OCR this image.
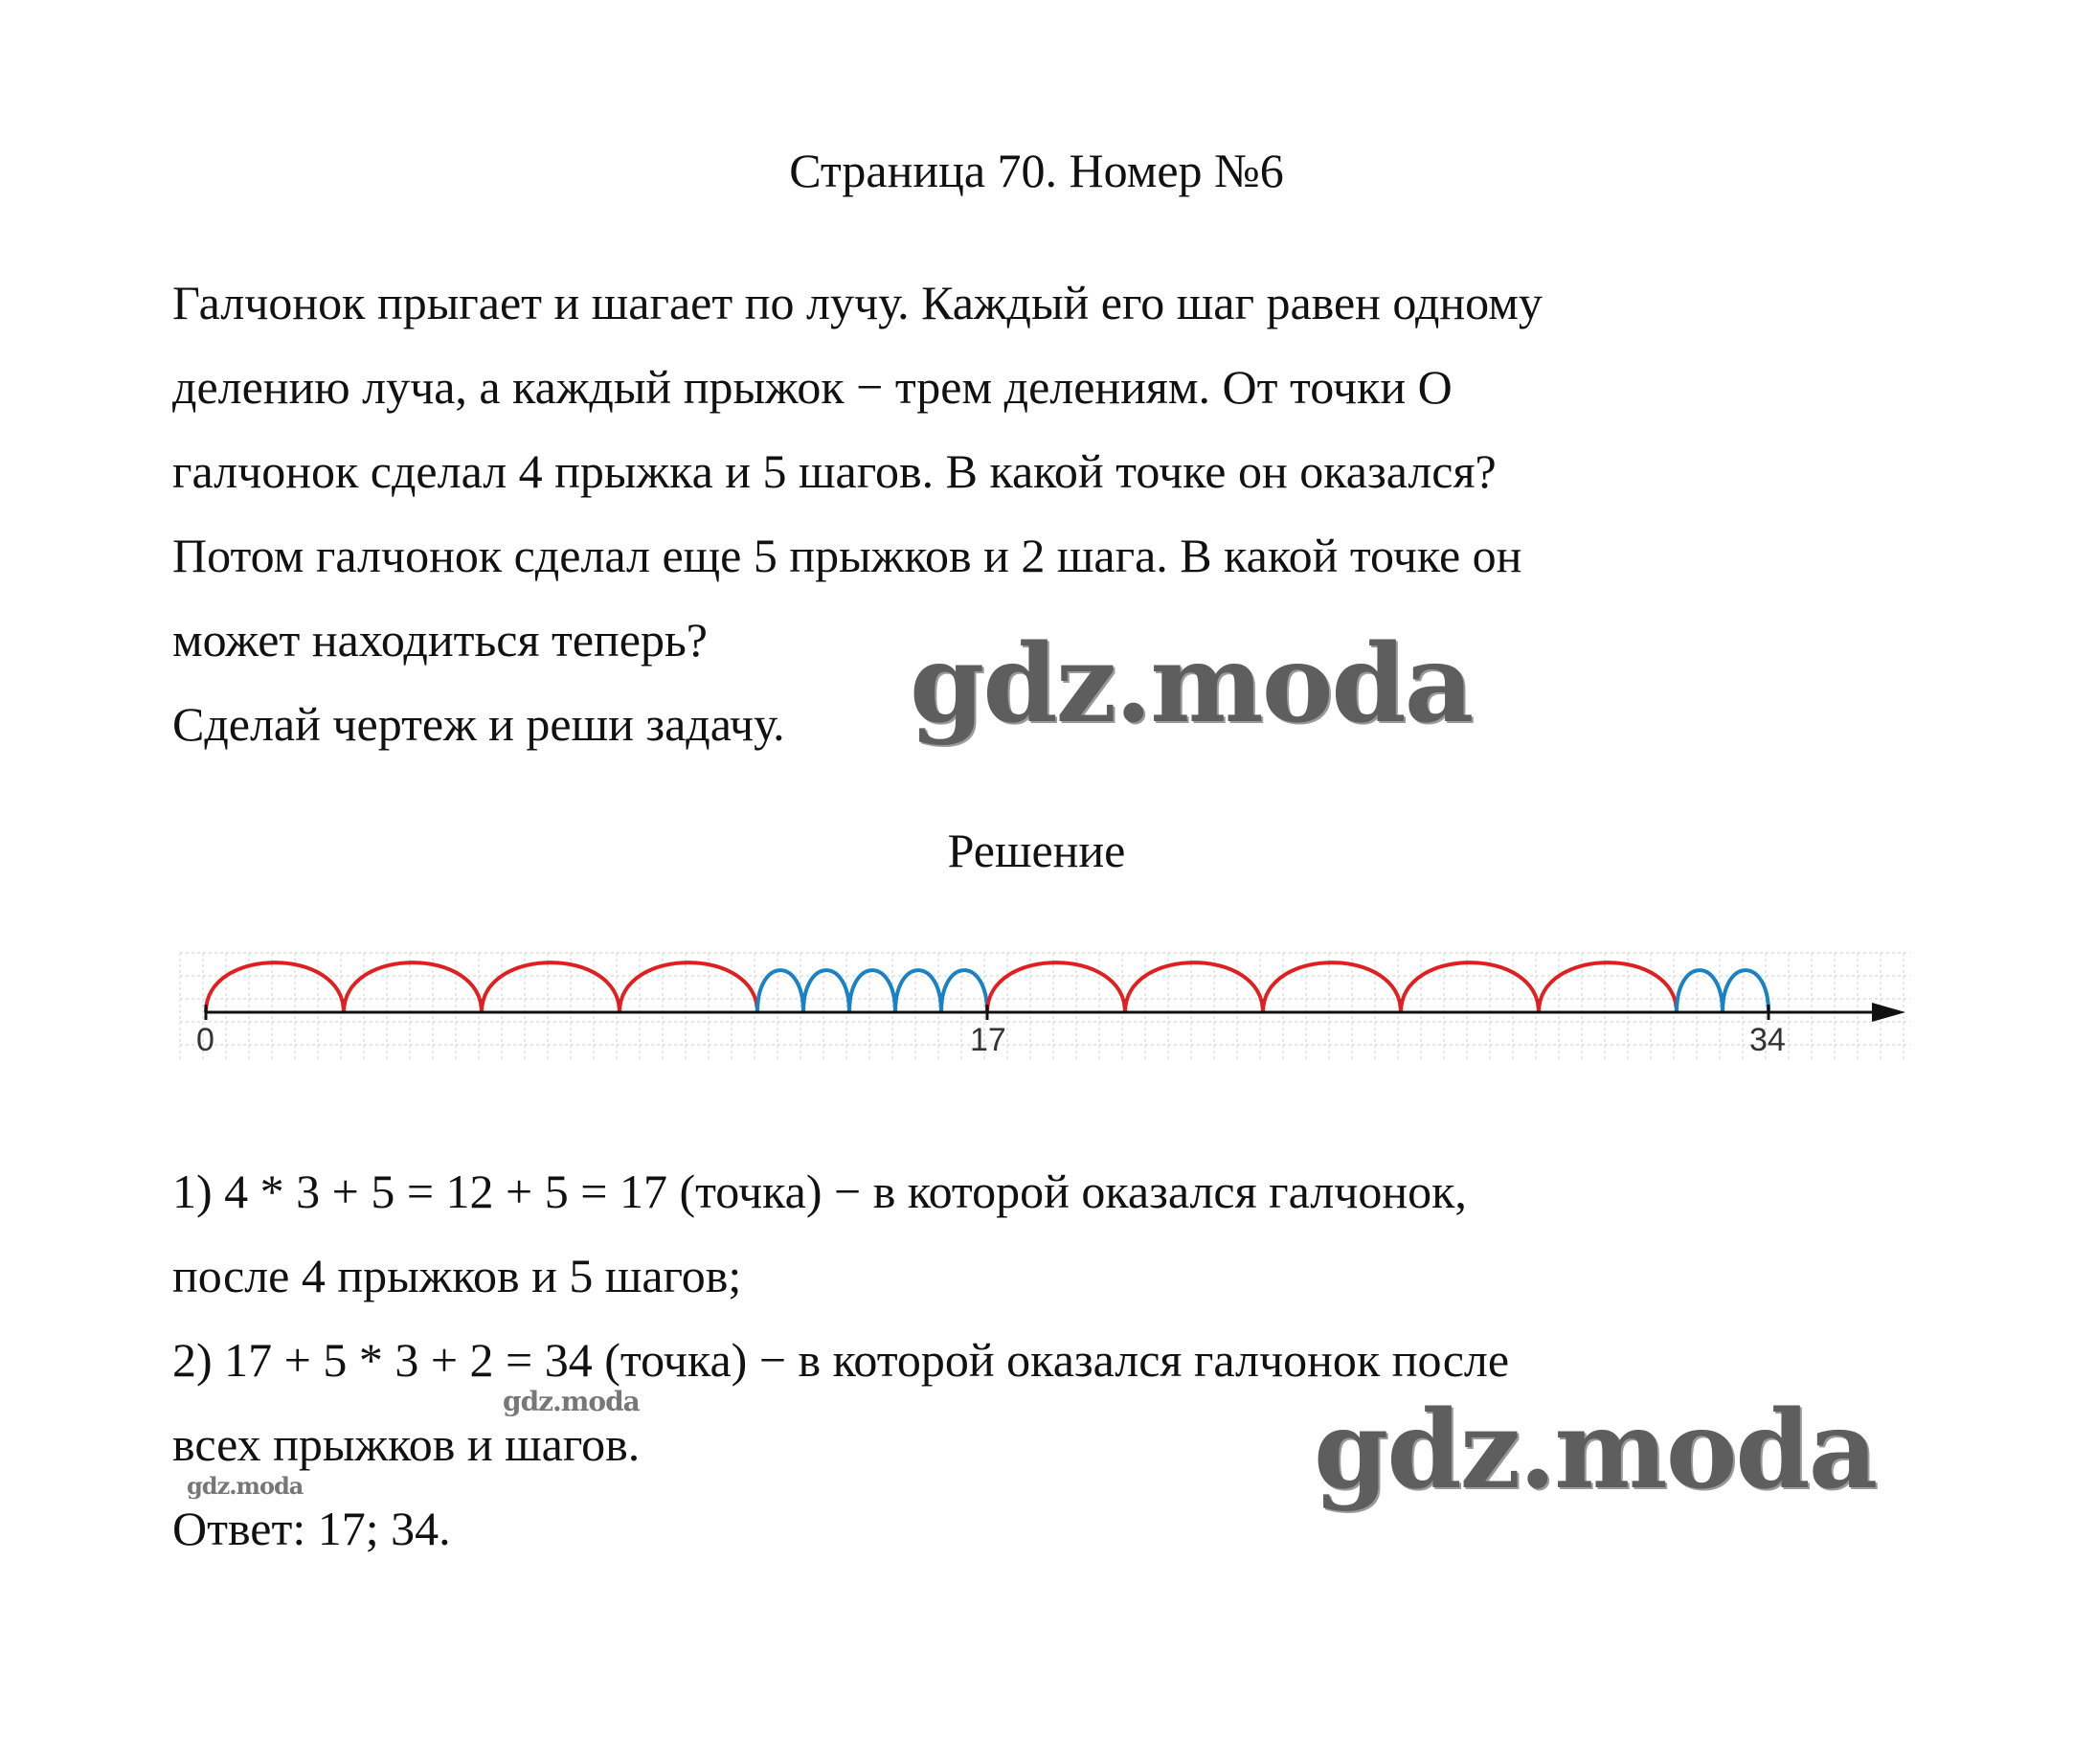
Страница 70. Номер №6
Галчонок прыгает и шагает по лучу. Каждый его шаг равен одному
делению луча, а каждый прыжок − трем делениям. От точки О
галчонок сделал 4 прыжка и 5 шагов. В какой точке он оказался?
Потом галчонок сделал еще 5 прыжков и 2 шага. В какой точке он
может находиться теперь?
Сделай чертеж и реши задачу.
Решение
0	17	34
1) 4 * 3 + 5 = 12 + 5 = 17 (точка) − в которой оказался галчонок,
после 4 прыжков и 5 шагов;
2) 17 + 5 * 3 + 2 = 34 (точка) − в которой оказался галчонок после
всех прыжков и шагов.
Ответ: 17; 34.
gdz.moda
gdz.moda
gdz.moda
gdz.moda
